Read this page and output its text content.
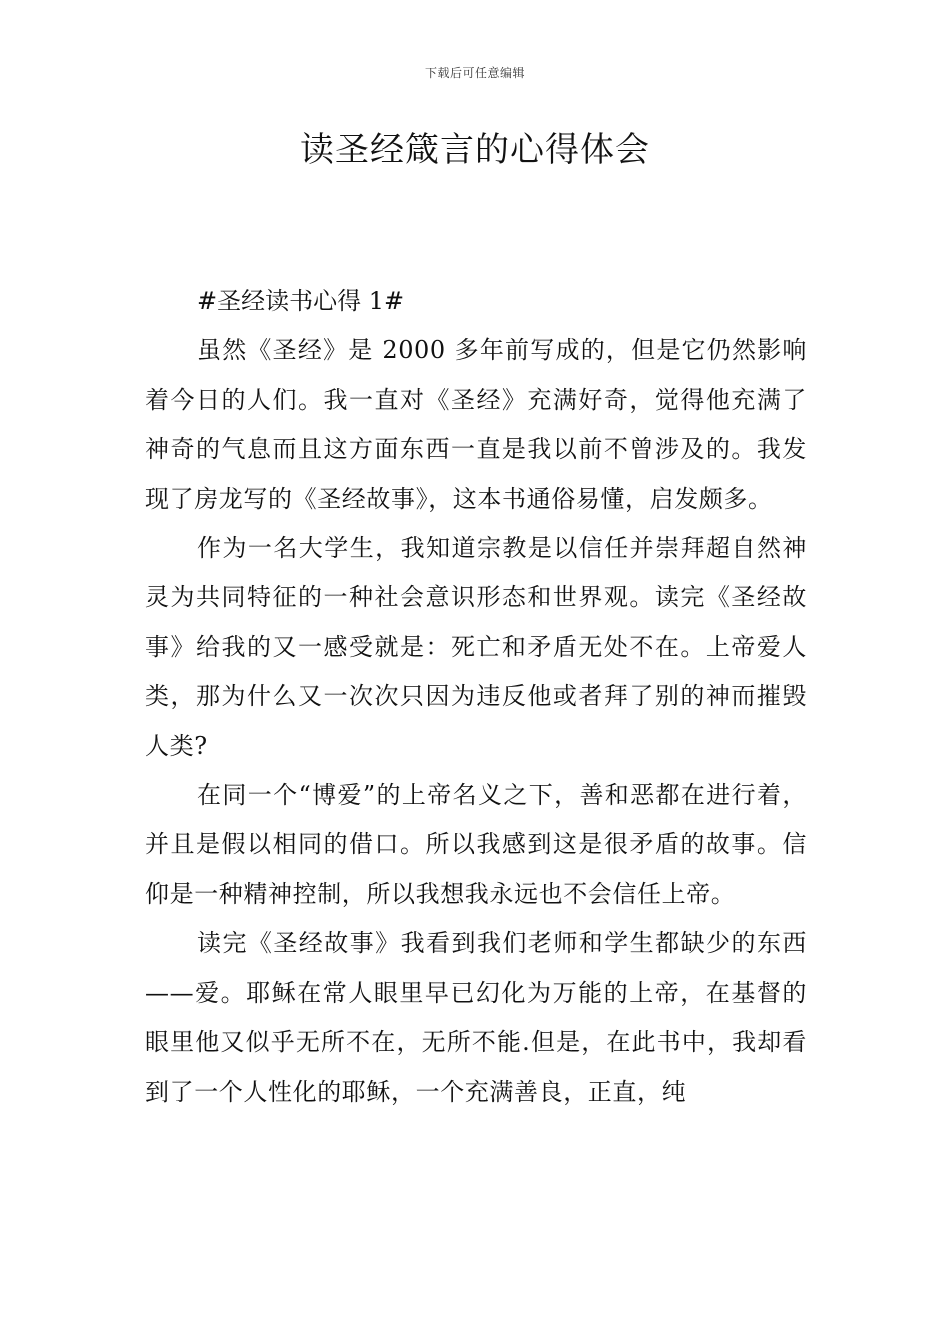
下载后可任意编辑
读圣经箴言的心得体会

#圣经读书心得 1#

虽然《圣经》是 2000 多年前写成的，但是它仍然影响着今日的人们。我一直对《圣经》充满好奇，觉得他充满了神奇的气息而且这方面东西一直是我以前不曾涉及的。我发现了房龙写的《圣经故事》，这本书通俗易懂，启发颇多。

作为一名大学生，我知道宗教是以信任并崇拜超自然神灵为共同特征的一种社会意识形态和世界观。读完《圣经故事》给我的又一感受就是：死亡和矛盾无处不在。上帝爱人类，那为什么又一次次只因为违反他或者拜了别的神而摧毁人类?

在同一个“博爱”的上帝名义之下，善和恶都在进行着，并且是假以相同的借口。所以我感到这是很矛盾的故事。信仰是一种精神控制，所以我想我永远也不会信任上帝。

读完《圣经故事》我看到我们老师和学生都缺少的东西——爱。耶稣在常人眼里早已幻化为万能的上帝，在基督的眼里他又似乎无所不在，无所不能.但是，在此书中，我却看到了一个人性化的耶稣，一个充满善良，正直，纯
